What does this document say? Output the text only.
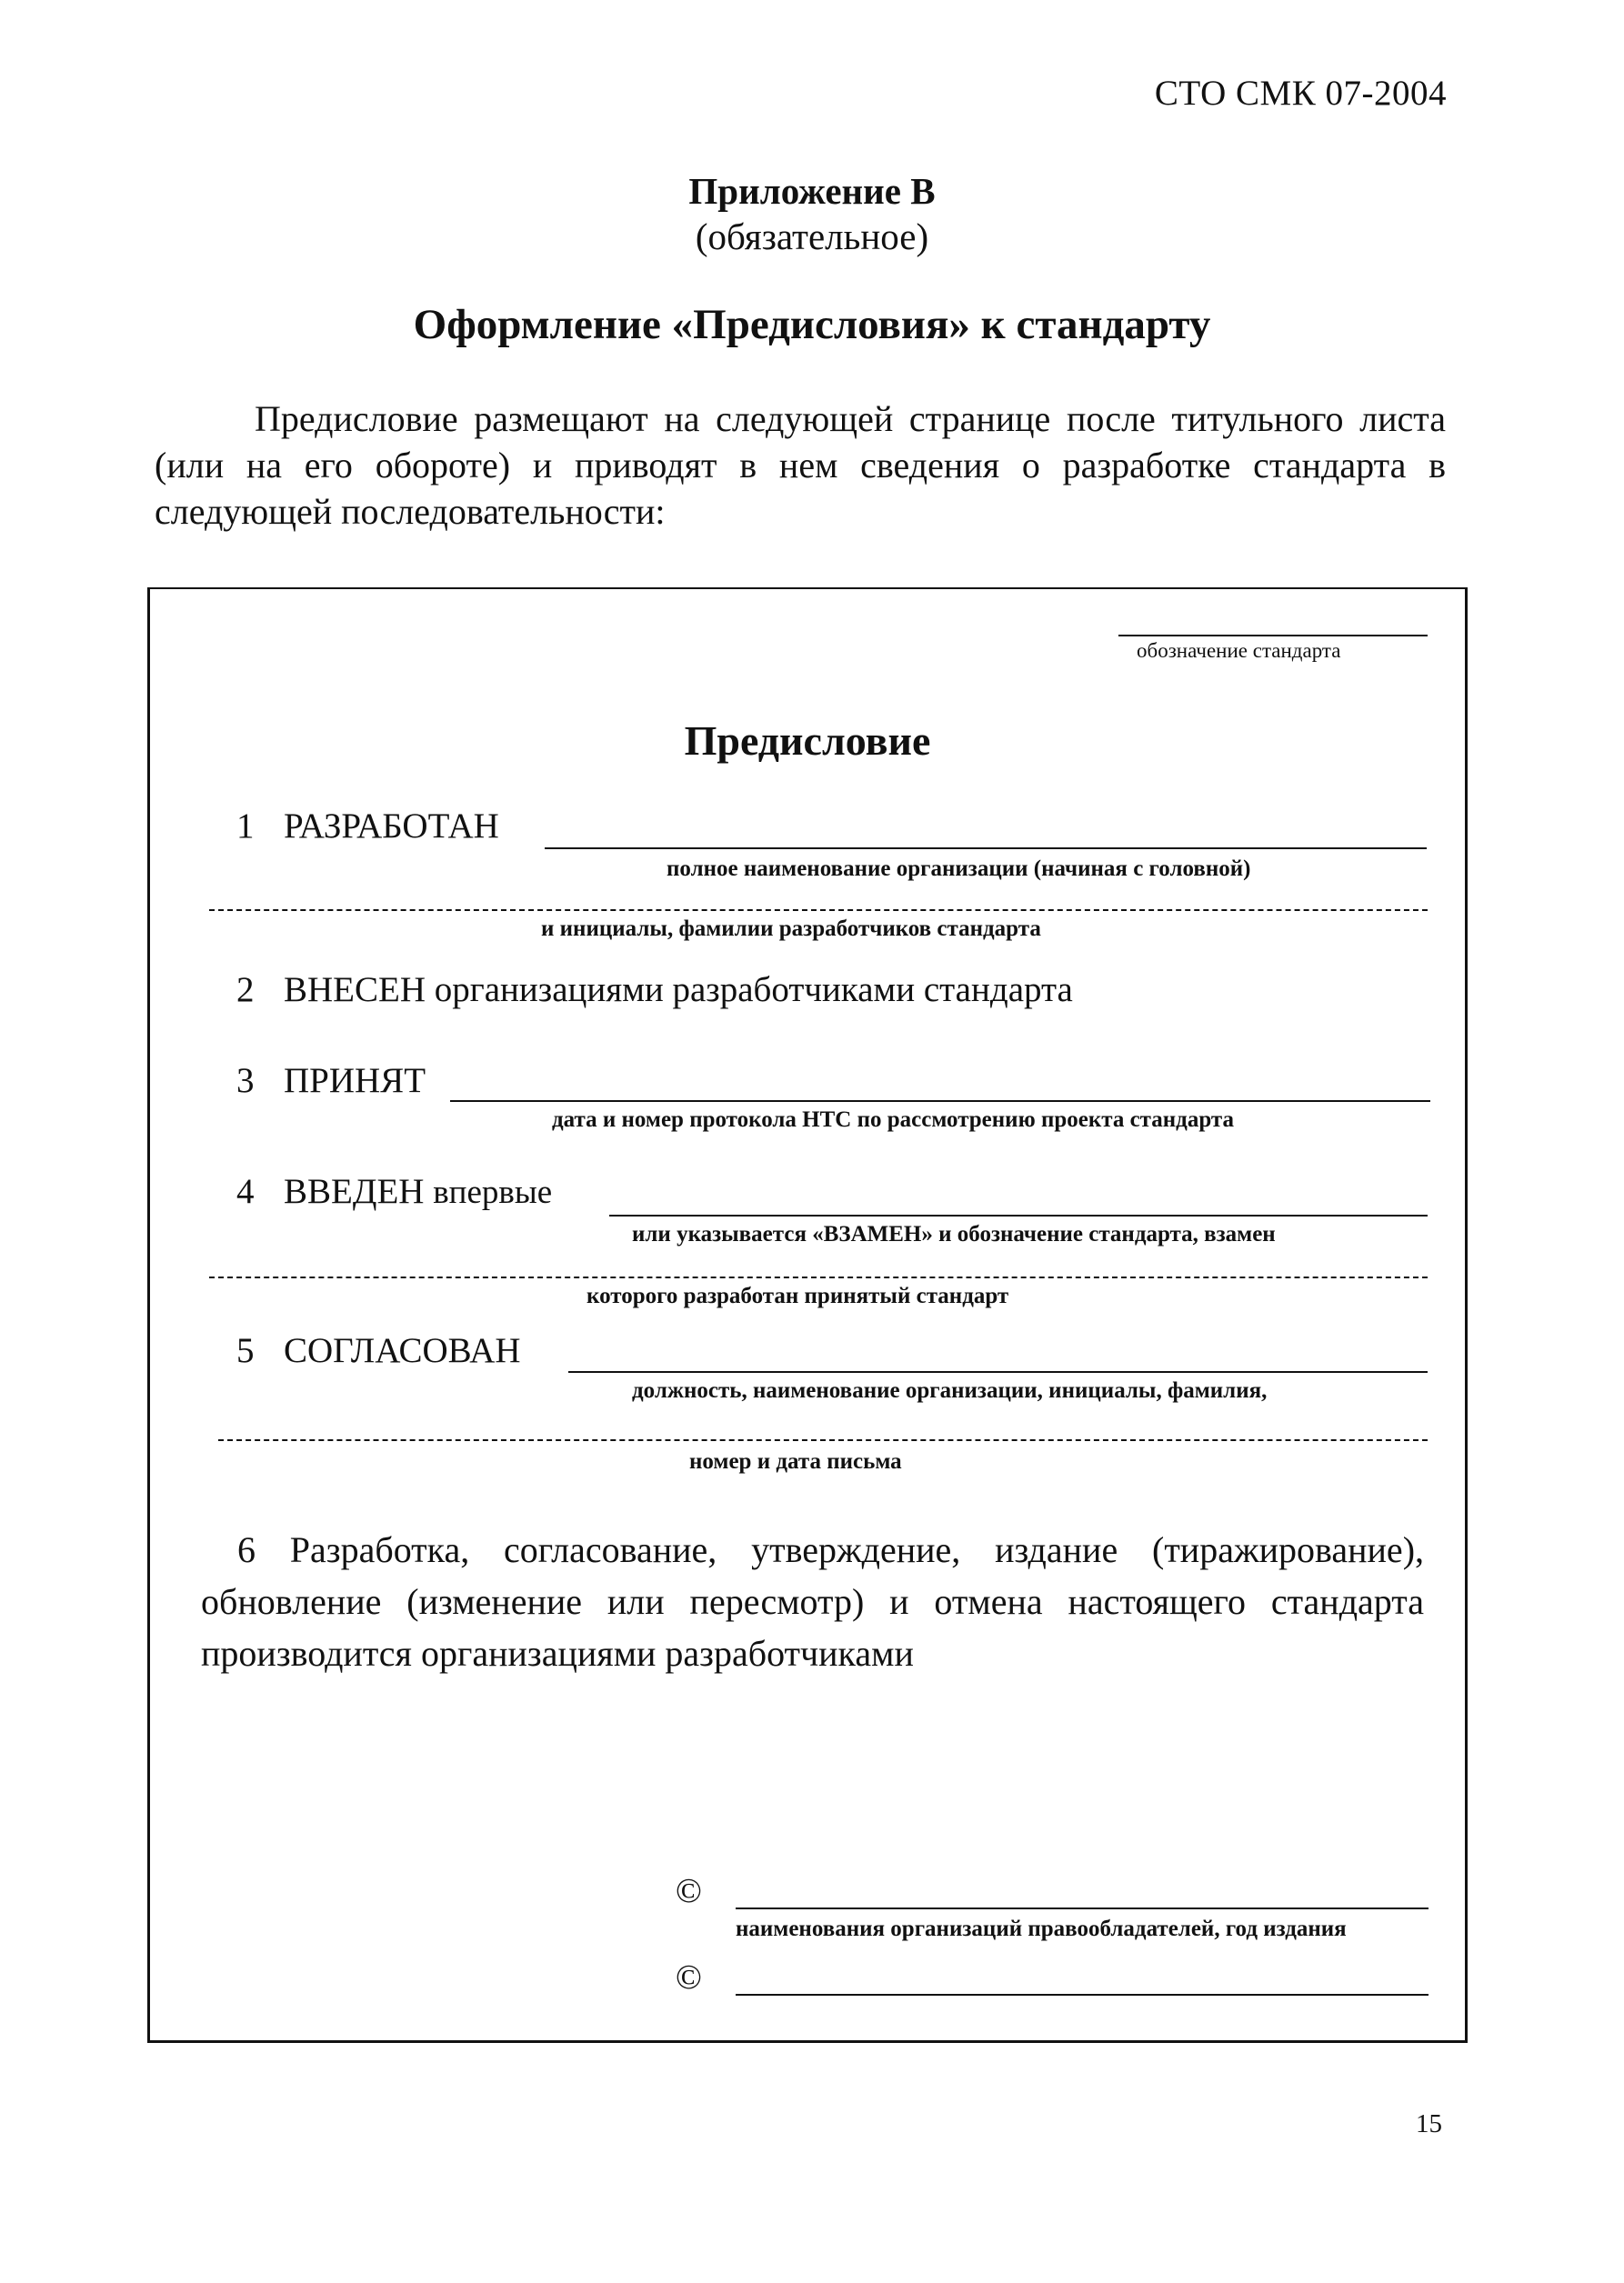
СТО СМК 07-2004
Приложение В
(обязательное)
Оформление «Предисловия» к стандарту
Предисловие размещают на следующей странице после титульного листа (или на его обороте) и приводят в нем сведения о разработке стандарта в следующей последовательности:
обозначение стандарта
Предисловие
1 РАЗРАБОТАН
полное наименование организации (начиная с головной)
и инициалы, фамилии разработчиков стандарта
2 ВНЕСЕН организациями разработчиками стандарта
3 ПРИНЯТ
дата и номер протокола НТС по рассмотрению проекта стандарта
4 ВВЕДЕН впервые
или указывается «ВЗАМЕН» и обозначение стандарта, взамен
которого разработан принятый стандарт
5 СОГЛАСОВАН
должность, наименование организации, инициалы, фамилия,
номер и дата письма
6 Разработка, согласование, утверждение, издание (тиражирование), обновление (изменение или пересмотр) и отмена настоящего стандарта производится организациями разработчиками
©
наименования организаций правообладателей, год издания
©
15
